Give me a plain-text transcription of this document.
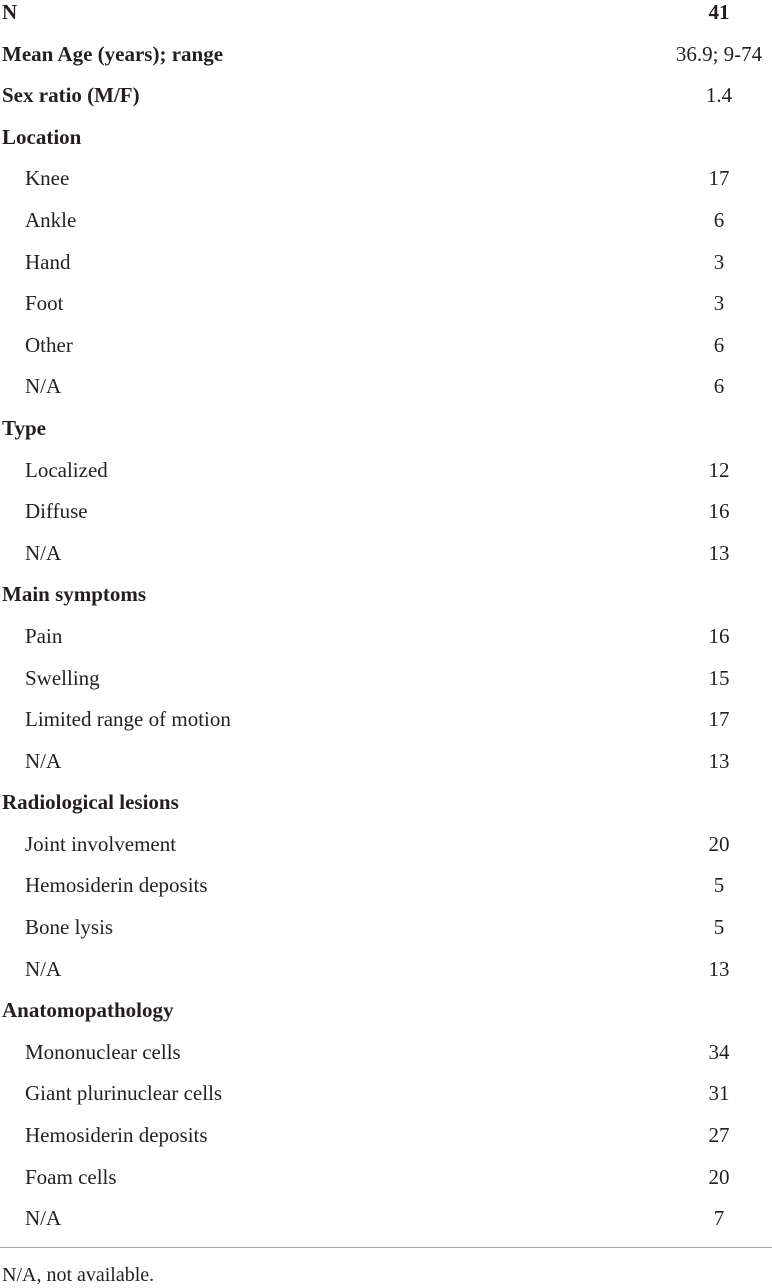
N	41
Mean Age (years); range	36.9; 9-74
Sex ratio (M/F)	1.4
Location
Knee	17
Ankle	6
Hand	3
Foot	3
Other	6
N/A	6
Type
Localized	12
Diffuse	16
N/A	13
Main symptoms
Pain	16
Swelling	15
Limited range of motion	17
N/A	13
Radiological lesions
Joint involvement	20
Hemosiderin deposits	5
Bone lysis	5
N/A	13
Anatomopathology
Mononuclear cells	34
Giant plurinuclear cells	31
Hemosiderin deposits	27
Foam cells	20
N/A	7
N/A, not available.
